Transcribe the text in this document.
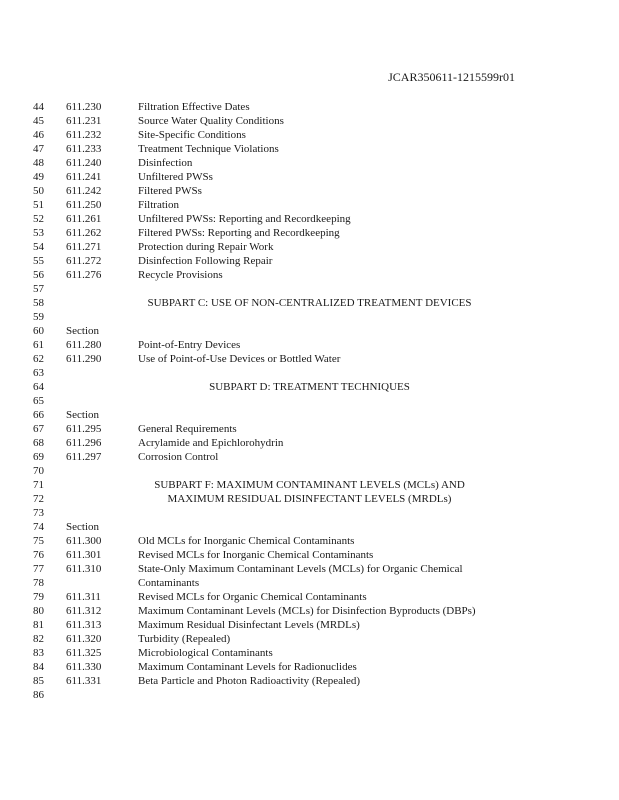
JCAR350611-1215599r01
44	611.230	Filtration Effective Dates
45	611.231	Source Water Quality Conditions
46	611.232	Site-Specific Conditions
47	611.233	Treatment Technique Violations
48	611.240	Disinfection
49	611.241	Unfiltered PWSs
50	611.242	Filtered PWSs
51	611.250	Filtration
52	611.261	Unfiltered PWSs: Reporting and Recordkeeping
53	611.262	Filtered PWSs: Reporting and Recordkeeping
54	611.271	Protection during Repair Work
55	611.272	Disinfection Following Repair
56	611.276	Recycle Provisions
57
58	SUBPART C: USE OF NON-CENTRALIZED TREATMENT DEVICES
59
60	Section
61	611.280	Point-of-Entry Devices
62	611.290	Use of Point-of-Use Devices or Bottled Water
63
64	SUBPART D: TREATMENT TECHNIQUES
65
66	Section
67	611.295	General Requirements
68	611.296	Acrylamide and Epichlorohydrin
69	611.297	Corrosion Control
70
71	SUBPART F: MAXIMUM CONTAMINANT LEVELS (MCLs) AND
72	MAXIMUM RESIDUAL DISINFECTANT LEVELS (MRDLs)
73
74	Section
75	611.300	Old MCLs for Inorganic Chemical Contaminants
76	611.301	Revised MCLs for Inorganic Chemical Contaminants
77	611.310	State-Only Maximum Contaminant Levels (MCLs) for Organic Chemical
78	Contaminants
79	611.311	Revised MCLs for Organic Chemical Contaminants
80	611.312	Maximum Contaminant Levels (MCLs) for Disinfection Byproducts (DBPs)
81	611.313	Maximum Residual Disinfectant Levels (MRDLs)
82	611.320	Turbidity (Repealed)
83	611.325	Microbiological Contaminants
84	611.330	Maximum Contaminant Levels for Radionuclides
85	611.331	Beta Particle and Photon Radioactivity (Repealed)
86
